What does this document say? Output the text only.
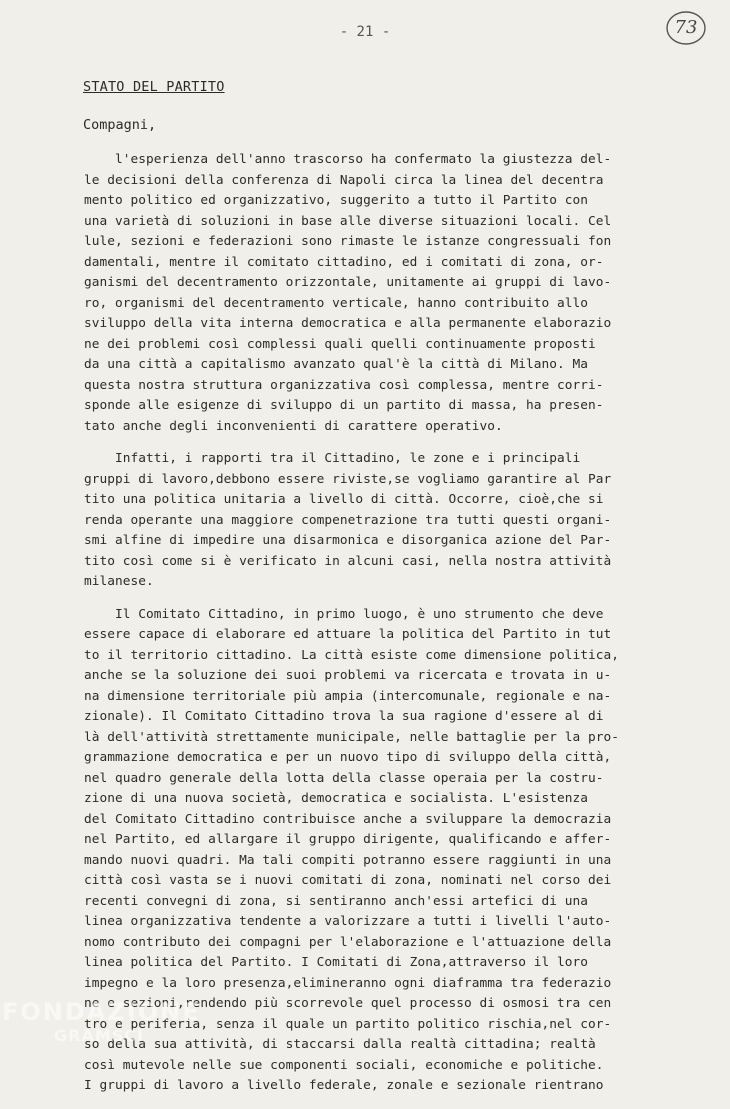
- 21 -	73
STATO DEL PARTITO
Compagni,
l'esperienza dell'anno trascorso ha confermato la giustezza del-
le decisioni della conferenza di Napoli circa la linea del decentra
mento politico ed organizzativo, suggerito a tutto il Partito con
una varietà di soluzioni in base alle diverse situazioni locali. Cel
lule, sezioni e federazioni sono rimaste le istanze congressuali fon
damentali, mentre il comitato cittadino, ed i comitati di zona, or-
ganismi del decentramento orizzontale, unitamente ai gruppi di lavo-
ro, organismi del decentramento verticale, hanno contribuito allo
sviluppo della vita interna democratica e alla permanente elaborazio
ne dei problemi così complessi quali quelli continuamente proposti
da una città a capitalismo avanzato qual'è la città di Milano. Ma
questa nostra struttura organizzativa così complessa, mentre corri-
sponde alle esigenze di sviluppo di un partito di massa, ha presen-
tato anche degli inconvenienti di carattere operativo.
Infatti, i rapporti tra il Cittadino, le zone e i principali
gruppi di lavoro,debbono essere riviste,se vogliamo garantire al Par
tito una politica unitaria a livello di città. Occorre, cioè,che si
renda operante una maggiore compenetrazione tra tutti questi organi-
smi alfine di impedire una disarmonica e disorganica azione del Par-
tito così come si è verificato in alcuni casi, nella nostra attività
milanese.
Il Comitato Cittadino, in primo luogo, è uno strumento che deve
essere capace di elaborare ed attuare la politica del Partito in tut
to il territorio cittadino. La città esiste come dimensione politica,
anche se la soluzione dei suoi problemi va ricercata e trovata in u-
na dimensione territoriale più ampia (intercomunale, regionale e na-
zionale). Il Comitato Cittadino trova la sua ragione d'essere al di
là dell'attività strettamente municipale, nelle battaglie per la pro-
grammazione democratica e per un nuovo tipo di sviluppo della città,
nel quadro generale della lotta della classe operaia per la costru-
zione di una nuova società, democratica e socialista. L'esistenza
del Comitato Cittadino contribuisce anche a sviluppare la democrazia
nel Partito, ed allargare il gruppo dirigente, qualificando e affer-
mando nuovi quadri. Ma tali compiti potranno essere raggiunti in una
città così vasta se i nuovi comitati di zona, nominati nel corso dei
recenti convegni di zona, si sentiranno anch'essi artefici di una
linea organizzativa tendente a valorizzare a tutti i livelli l'auto-
nomo contributo dei compagni per l'elaborazione e l'attuazione della
linea politica del Partito. I Comitati di Zona,attraverso il loro
impegno e la loro presenza,elimineranno ogni diaframma tra federazio
ne e sezioni,rendendo più scorrevole quel processo di osmosi tra cen
tro e periferia, senza il quale un partito politico rischia,nel cor-
so della sua attività, di staccarsi dalla realtà cittadina; realtà
così mutevole nelle sue componenti sociali, economiche e politiche.
I gruppi di lavoro a livello federale, zonale e sezionale rientrano
FONDAZIONE
GRAMSCI
